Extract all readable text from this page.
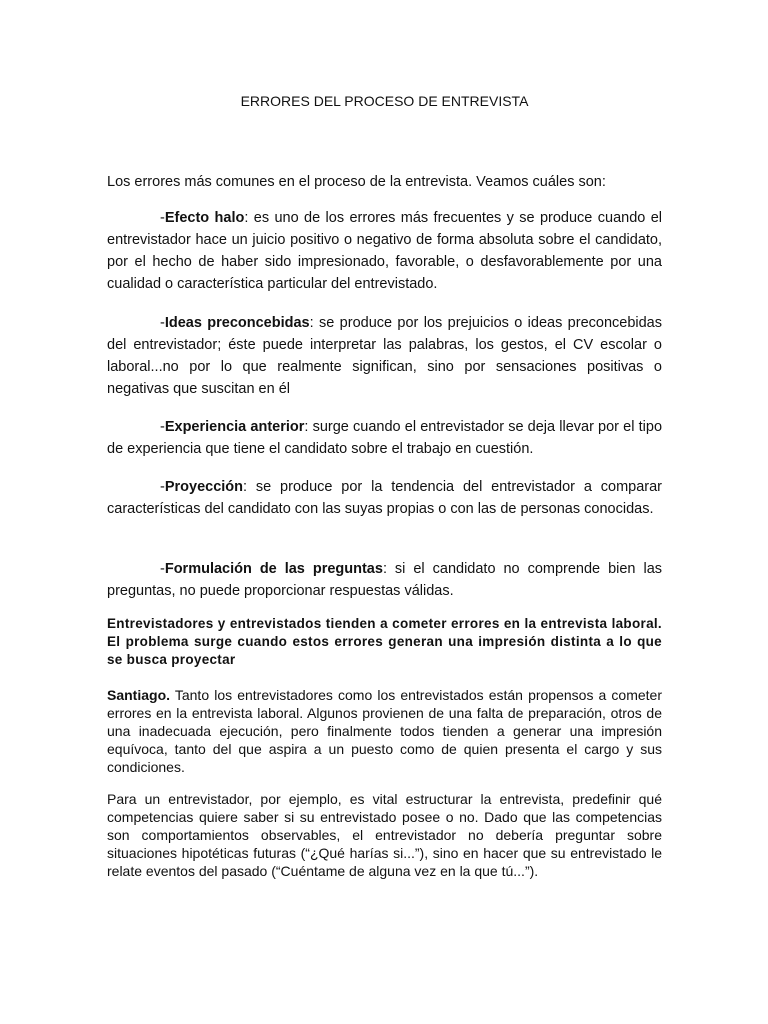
ERRORES DEL PROCESO DE ENTREVISTA

Los errores más comunes en el proceso de la entrevista. Veamos cuáles son:

-Efecto halo: es uno de los errores más frecuentes y se produce cuando el entrevistador hace un juicio positivo o negativo de forma absoluta sobre el candidato, por el hecho de haber sido impresionado, favorable, o desfavorablemente por una cualidad o característica particular del entrevistado.

-Ideas preconcebidas: se produce por los prejuicios o ideas preconcebidas del entrevistador; éste puede interpretar las palabras, los gestos, el CV escolar o laboral...no por lo que realmente significan, sino por sensaciones positivas o negativas que suscitan en él

-Experiencia anterior: surge cuando el entrevistador se deja llevar por el tipo de experiencia que tiene el candidato sobre el trabajo en cuestión.

-Proyección: se produce por la tendencia del entrevistador a comparar características del candidato con las suyas propias o con las de personas conocidas.

-Formulación de las preguntas: si el candidato no comprende bien las preguntas, no puede proporcionar respuestas válidas.

Entrevistadores y entrevistados tienden a cometer errores en la entrevista laboral. El problema surge cuando estos errores generan una impresión distinta a lo que se busca proyectar

Santiago. Tanto los entrevistadores como los entrevistados están propensos a cometer errores en la entrevista laboral. Algunos provienen de una falta de preparación, otros de una inadecuada ejecución, pero finalmente todos tienden a generar una impresión equívoca, tanto del que aspira a un puesto como de quien presenta el cargo y sus condiciones.

Para un entrevistador, por ejemplo, es vital estructurar la entrevista, predefinir qué competencias quiere saber si su entrevistado posee o no. Dado que las competencias son comportamientos observables, el entrevistador no debería preguntar sobre situaciones hipotéticas futuras (“¿Qué harías si...”), sino en hacer que su entrevistado le relate eventos del pasado (“Cuéntame de alguna vez en la que tú...”).
